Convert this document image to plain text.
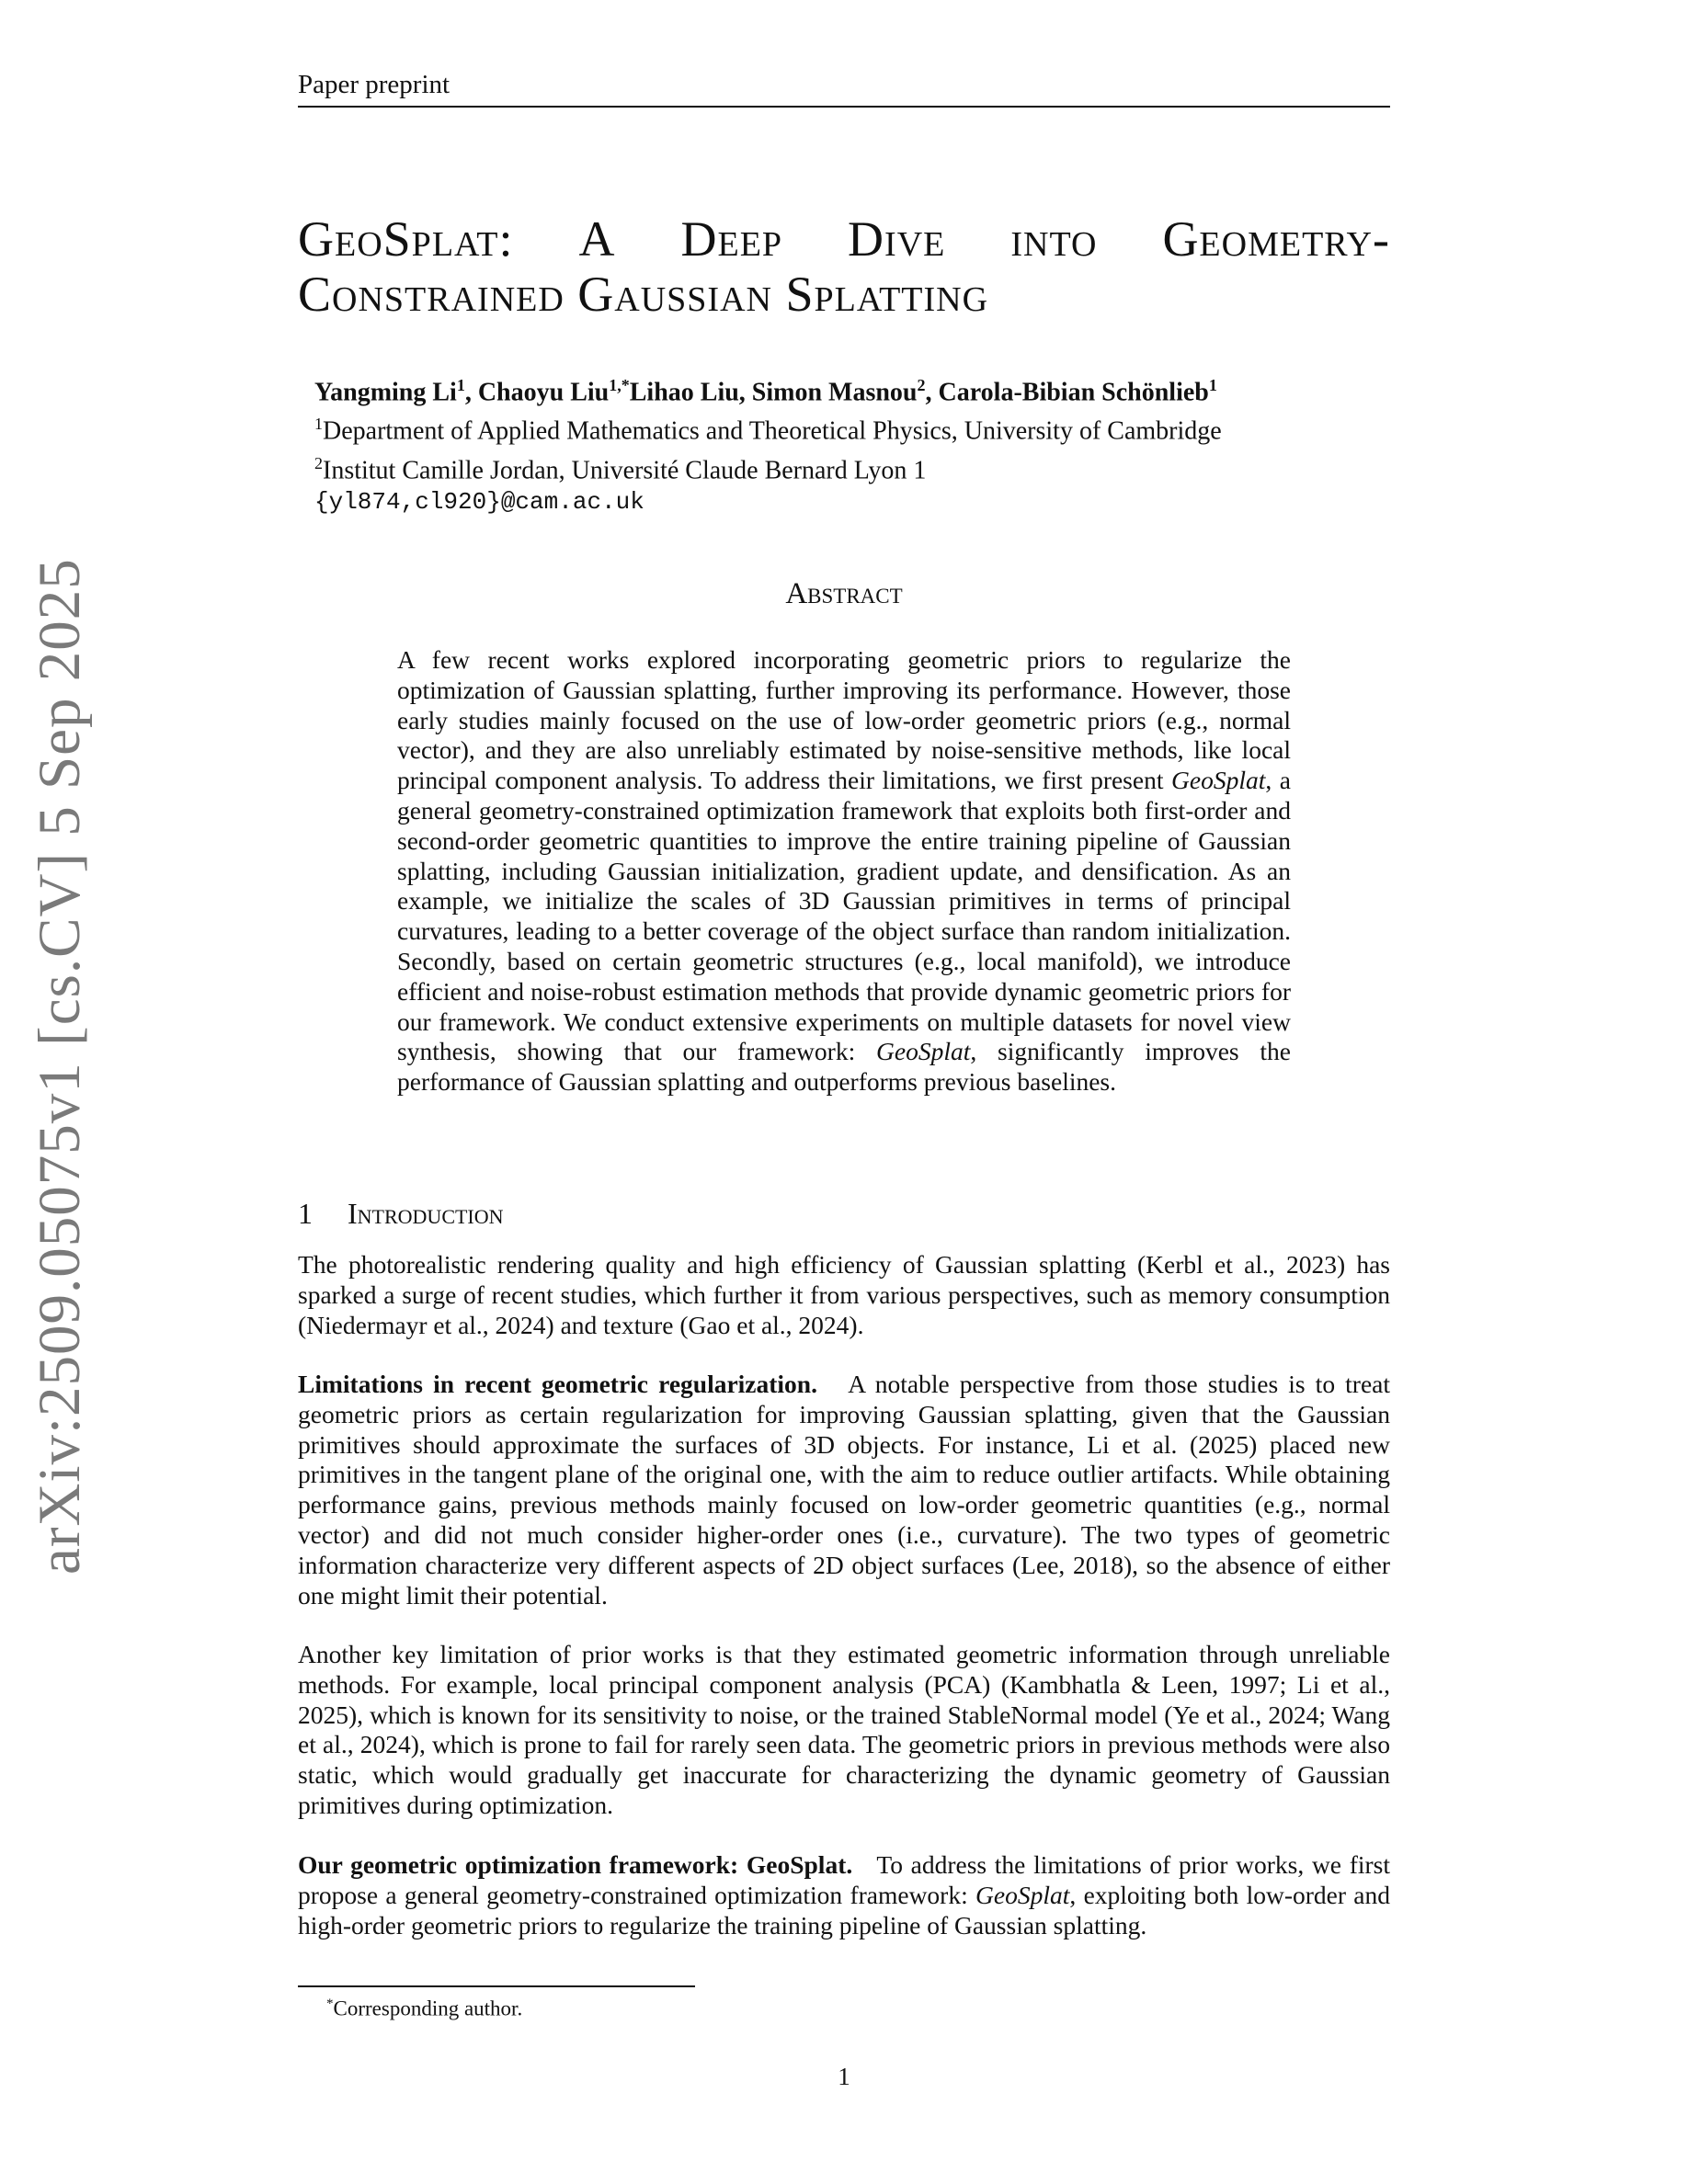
Paper preprint
arXiv:2509.05075v1 [cs.CV] 5 Sep 2025
GeoSplat: A Deep Dive into Geometry-
Constrained Gaussian Splatting
Yangming Li$^1$, Chaoyu Liu$^{1,*}$Lihao Liu, Simon Masnou$^2$, Carola-Bibian Schönlieb$^1$
$^1$Department of Applied Mathematics and Theoretical Physics, University of Cambridge
$^2$Institut Camille Jordan, Université Claude Bernard Lyon 1
{yl874,cl920}@cam.ac.uk
Abstract
A few recent works explored incorporating geometric priors to regularize the optimization of Gaussian splatting, further improving its performance. However, those early studies mainly focused on the use of low-order geometric priors (e.g., normal vector), and they are also unreliably estimated by noise-sensitive methods, like local principal component analysis. To address their limitations, we first present GeoSplat, a general geometry-constrained optimization framework that exploits both first-order and second-order geometric quantities to improve the entire training pipeline of Gaussian splatting, including Gaussian initialization, gradient update, and densification. As an example, we initialize the scales of 3D Gaussian primitives in terms of principal curvatures, leading to a better coverage of the object surface than random initialization. Secondly, based on certain geometric structures (e.g., local manifold), we introduce efficient and noise-robust estimation methods that provide dynamic geometric priors for our framework. We conduct extensive experiments on multiple datasets for novel view synthesis, showing that our framework: GeoSplat, significantly improves the performance of Gaussian splatting and outperforms previous baselines.
1 Introduction

The photorealistic rendering quality and high efficiency of Gaussian splatting (Kerbl et al., 2023) has sparked a surge of recent studies, which further it from various perspectives, such as memory consumption (Niedermayr et al., 2024) and texture (Gao et al., 2024).

Limitations in recent geometric regularization. A notable perspective from those studies is to treat geometric priors as certain regularization for improving Gaussian splatting, given that the Gaussian primitives should approximate the surfaces of 3D objects. For instance, Li et al. (2025) placed new primitives in the tangent plane of the original one, with the aim to reduce outlier artifacts. While obtaining performance gains, previous methods mainly focused on low-order geometric quantities (e.g., normal vector) and did not much consider higher-order ones (i.e., curvature). The two types of geometric information characterize very different aspects of 2D object surfaces (Lee, 2018), so the absence of either one might limit their potential.

Another key limitation of prior works is that they estimated geometric information through unreliable methods. For example, local principal component analysis (PCA) (Kambhatla & Leen, 1997; Li et al., 2025), which is known for its sensitivity to noise, or the trained StableNormal model (Ye et al., 2024; Wang et al., 2024), which is prone to fail for rarely seen data. The geometric priors in previous methods were also static, which would gradually get inaccurate for characterizing the dynamic geometry of Gaussian primitives during optimization.

Our geometric optimization framework: GeoSplat. To address the limitations of prior works, we first propose a general geometry-constrained optimization framework: GeoSplat, exploiting both low-order and high-order geometric priors to regularize the training pipeline of Gaussian splatting.

*Corresponding author.
1
